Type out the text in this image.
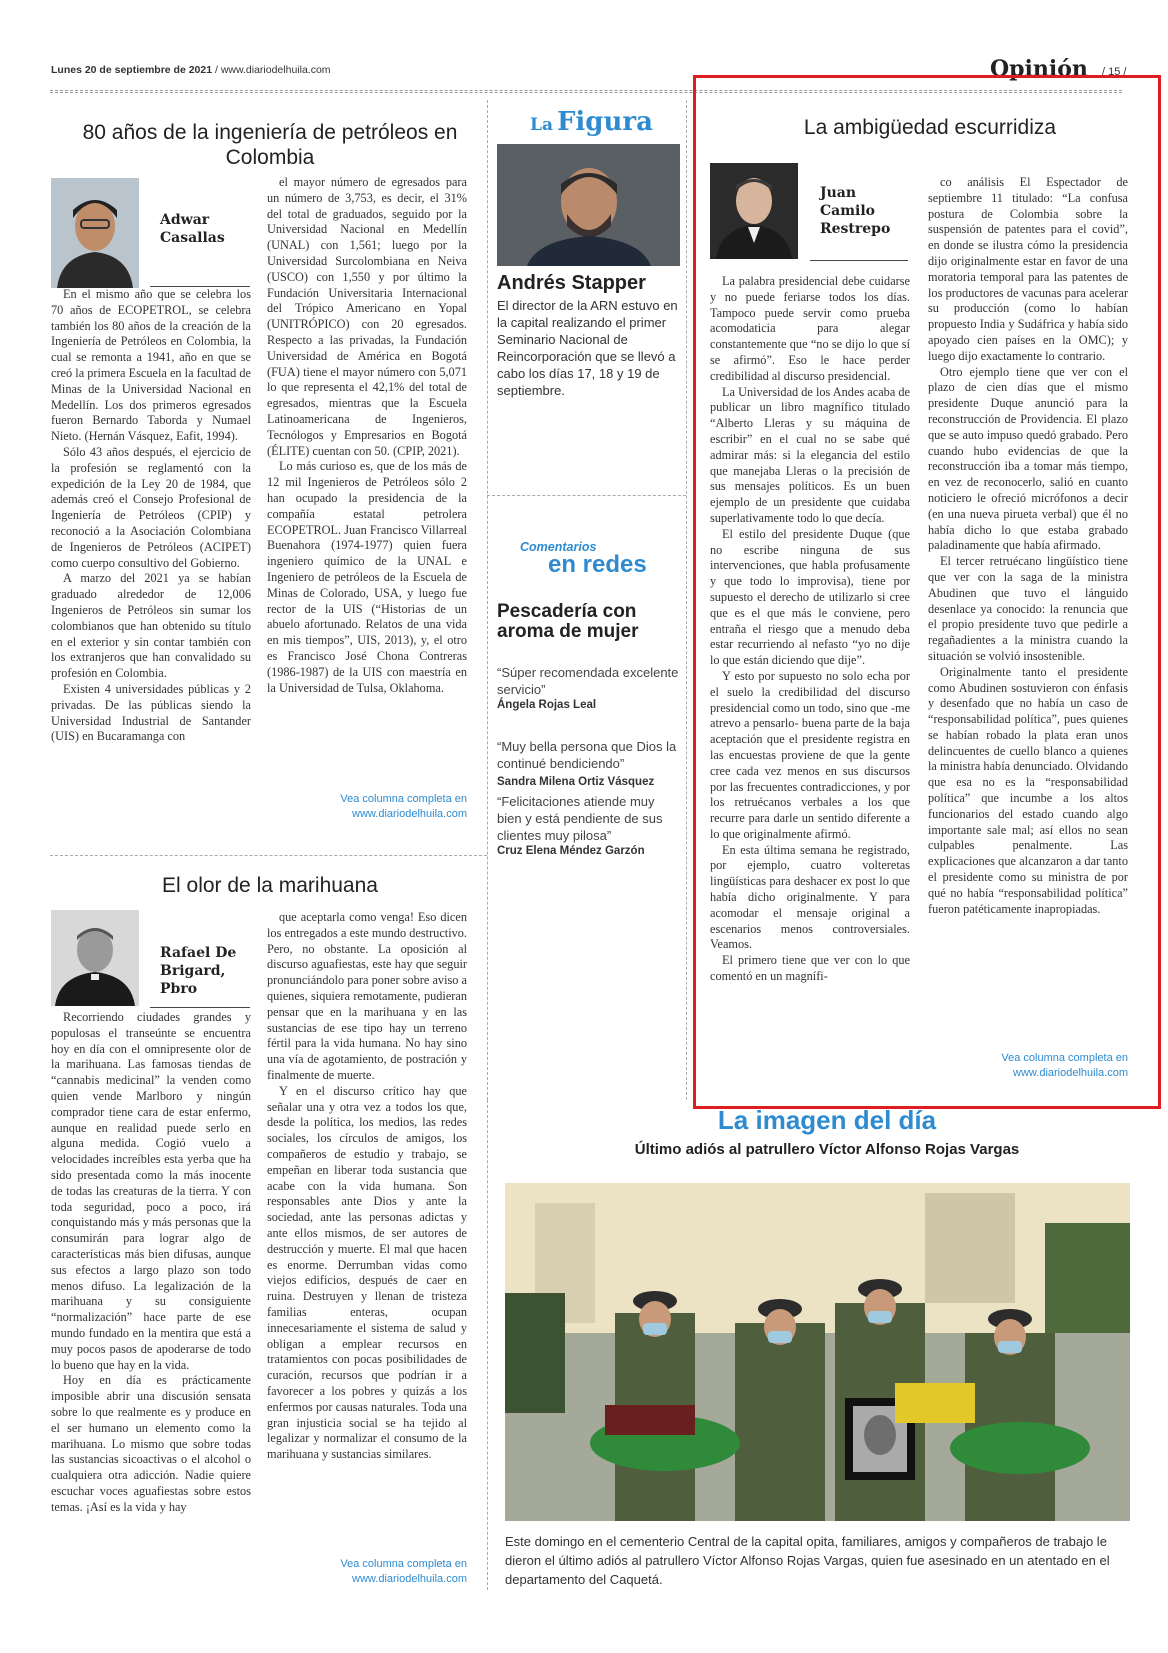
Lunes 20 de septiembre de 2021 / www.diariodelhuila.com	Opinión / 15 /
80 años de la ingeniería de petróleos en Colombia
Adwar Casallas

En el mismo año que se celebra los 70 años de ECOPETROL, se celebra también los 80 años de la creación de la Ingeniería de Petróleos en Colombia, la cual se remonta a 1941, año en que se creó la primera Escuela en la facultad de Minas de la Universidad Nacional en Medellín. Los dos primeros egresados fueron Bernardo Taborda y Numael Nieto. (Hernán Vásquez, Eafit, 1994).

Sólo 43 años después, el ejercicio de la profesión se reglamentó con la expedición de la Ley 20 de 1984, que además creó el Consejo Profesional de Ingeniería de Petróleos (CPIP) y reconoció a la Asociación Colombiana de Ingenieros de Petróleos (ACIPET) como cuerpo consultivo del Gobierno.

A marzo del 2021 ya se habían graduado alrededor de 12,006 Ingenieros de Petróleos sin sumar los colombianos que han obtenido su título en el exterior y sin contar también con los extranjeros que han convalidado su profesión en Colombia.

Existen 4 universidades públicas y 2 privadas. De las públicas siendo la Universidad Industrial de Santander (UIS) en Bucaramanga con

el mayor número de egresados para un número de 3,753, es decir, el 31% del total de graduados, seguido por la Universidad Nacional en Medellín (UNAL) con 1,561; luego por la Universidad Surcolombiana en Neiva (USCO) con 1,550 y por último la Fundación Universitaria Internacional del Trópico Americano en Yopal (UNITRÓPICO) con 20 egresados. Respecto a las privadas, la Fundación Universidad de América en Bogotá (FUA) tiene el mayor número con 5,071 lo que representa el 42,1% del total de egresados, mientras que la Escuela Latinoamericana de Ingenieros, Tecnólogos y Empresarios en Bogotá (ÉLITE) cuentan con 50. (CPIP, 2021).

Lo más curioso es, que de los más de 12 mil Ingenieros de Petróleos sólo 2 han ocupado la presidencia de la compañía estatal petrolera ECOPETROL. Juan Francisco Villarreal Buenahora (1974-1977) quien fuera ingeniero químico de la UNAL e Ingeniero de petróleos de la Escuela de Minas de Colorado, USA, y luego fue rector de la UIS (“Historias de un abuelo afortunado. Relatos de una vida en mis tiempos”, UIS, 2013), y, el otro es Francisco José Chona Contreras (1986-1987) de la UIS con maestría en la Universidad de Tulsa, Oklahoma.

Vea columna completa en
www.diariodelhuila.com
El olor de la marihuana
Rafael De Brigard, Pbro

Recorriendo ciudades grandes y populosas el transeúnte se encuentra hoy en día con el omnipresente olor de la marihuana. Las famosas tiendas de “cannabis medicinal” la venden como quien vende Marlboro y ningún comprador tiene cara de estar enfermo, aunque en realidad puede serlo en alguna medida. Cogió vuelo a velocidades increíbles esta yerba que ha sido presentada como la más inocente de todas las creaturas de la tierra. Y con toda seguridad, poco a poco, irá conquistando más y más personas que la consumirán para lograr algo de características más bien difusas, aunque sus efectos a largo plazo son todo menos difuso. La legalización de la marihuana y su consiguiente “normalización” hace parte de ese mundo fundado en la mentira que está a muy pocos pasos de apoderarse de todo lo bueno que hay en la vida.

Hoy en día es prácticamente imposible abrir una discusión sensata sobre lo que realmente es y produce en el ser humano un elemento como la marihuana. Lo mismo que sobre todas las sustancias sicoactivas o el alcohol o cualquiera otra adicción. Nadie quiere escuchar voces aguafiestas sobre estos temas. ¡Así es la vida y hay

que aceptarla como venga! Eso dicen los entregados a este mundo destructivo. Pero, no obstante. La oposición al discurso aguafiestas, este hay que seguir pronunciándolo para poner sobre aviso a quienes, siquiera remotamente, pudieran pensar que en la marihuana y en las sustancias de ese tipo hay un terreno fértil para la vida humana. No hay sino una vía de agotamiento, de postración y finalmente de muerte.

Y en el discurso crítico hay que señalar una y otra vez a todos los que, desde la política, los medios, las redes sociales, los círculos de amigos, los compañeros de estudio y trabajo, se empeñan en liberar toda sustancia que acabe con la vida humana. Son responsables ante Dios y ante la sociedad, ante las personas adictas y ante ellos mismos, de ser autores de destrucción y muerte. El mal que hacen es enorme. Derrumban vidas como viejos edificios, después de caer en ruina. Destruyen y llenan de tristeza familias enteras, ocupan innecesariamente el sistema de salud y obligan a emplear recursos en tratamientos con pocas posibilidades de curación, recursos que podrían ir a favorecer a los pobres y quizás a los enfermos por causas naturales. Toda una gran injusticia social se ha tejido al legalizar y normalizar el consumo de la marihuana y sustancias similares.

Vea columna completa en
www.diariodelhuila.com
La Figura
Andrés Stapper
El director de la ARN estuvo en la capital realizando el primer Seminario Nacional de Reincorporación que se llevó a cabo los días 17, 18 y 19 de septiembre.
Comentarios
en redes
Pescadería con aroma de mujer
“Súper recomendada excelente servicio”
Ángela Rojas Leal
“Muy bella persona que Dios la continué bendiciendo”
Sandra Milena Ortiz Vásquez
“Felicitaciones atiende muy bien y está pendiente de sus clientes muy pilosa”
Cruz Elena Méndez Garzón
La ambigüedad escurridiza
Juan Camilo Restrepo

La palabra presidencial debe cuidarse y no puede feriarse todos los días. Tampoco puede servir como prueba acomodaticia para alegar constantemente que “no se dijo lo que sí se afirmó”. Eso le hace perder credibilidad al discurso presidencial.

La Universidad de los Andes acaba de publicar un libro magnífico titulado “Alberto Lleras y su máquina de escribir” en el cual no se sabe qué admirar más: si la elegancia del estilo que manejaba Lleras o la precisión de sus mensajes políticos. Es un buen ejemplo de un presidente que cuidaba superlativamente todo lo que decía.

El estilo del presidente Duque (que no escribe ninguna de sus intervenciones, que habla profusamente y que todo lo improvisa), tiene por supuesto el derecho de utilizarlo si cree que es el que más le conviene, pero entraña el riesgo que a menudo deba estar recurriendo al nefasto “yo no dije lo que están diciendo que dije”.

Y esto por supuesto no solo echa por el suelo la credibilidad del discurso presidencial como un todo, sino que -me atrevo a pensarlo- buena parte de la baja aceptación que el presidente registra en las encuestas proviene de que la gente cree cada vez menos en sus discursos por las frecuentes contradicciones, y por los retruécanos verbales a los que recurre para darle un sentido diferente a lo que originalmente afirmó.

En esta última semana he registrado, por ejemplo, cuatro volteretas lingüísticas para deshacer ex post lo que había dicho originalmente. Y para acomodar el mensaje original a escenarios menos controversiales. Veamos.

El primero tiene que ver con lo que comentó en un magnífi-

co análisis El Espectador de septiembre 11 titulado: “La confusa postura de Colombia sobre la suspensión de patentes para el covid”, en donde se ilustra cómo la presidencia dijo originalmente estar en favor de una moratoria temporal para las patentes de los productores de vacunas para acelerar su producción (como lo habían propuesto India y Sudáfrica y había sido apoyado cien países en la OMC); y luego dijo exactamente lo contrario.

Otro ejemplo tiene que ver con el plazo de cien días que el mismo presidente Duque anunció para la reconstrucción de Providencia. El plazo que se auto impuso quedó grabado. Pero cuando hubo evidencias de que la reconstrucción iba a tomar más tiempo, en vez de reconocerlo, salió en cuanto noticiero le ofreció micrófonos a decir (en una nueva pirueta verbal) que él no había dicho lo que estaba grabado paladinamente que había afirmado.

El tercer retruécano lingüístico tiene que ver con la saga de la ministra Abudinen que tuvo el lánguido desenlace ya conocido: la renuncia que el propio presidente tuvo que pedirle a regañadientes a la ministra cuando la situación se volvió insostenible.

Originalmente tanto el presidente como Abudinen sostuvieron con énfasis y desenfado que no había un caso de “responsabilidad política”, pues quienes se habían robado la plata eran unos delincuentes de cuello blanco a quienes la ministra había denunciado. Olvidando que esa no es la “responsabilidad política” que incumbe a los altos funcionarios del estado cuando algo importante sale mal; así ellos no sean culpables penalmente. Las explicaciones que alcanzaron a dar tanto el presidente como su ministra de por qué no había “responsabilidad política” fueron patéticamente inapropiadas.

Vea columna completa en
www.diariodelhuila.com
La imagen del día
Último adiós al patrullero Víctor Alfonso Rojas Vargas
Este domingo en el cementerio Central de la capital opita, familiares, amigos y compañeros de trabajo le dieron el último adiós al patrullero Víctor Alfonso Rojas Vargas, quien fue asesinado en un atentado en el departamento del Caquetá.
